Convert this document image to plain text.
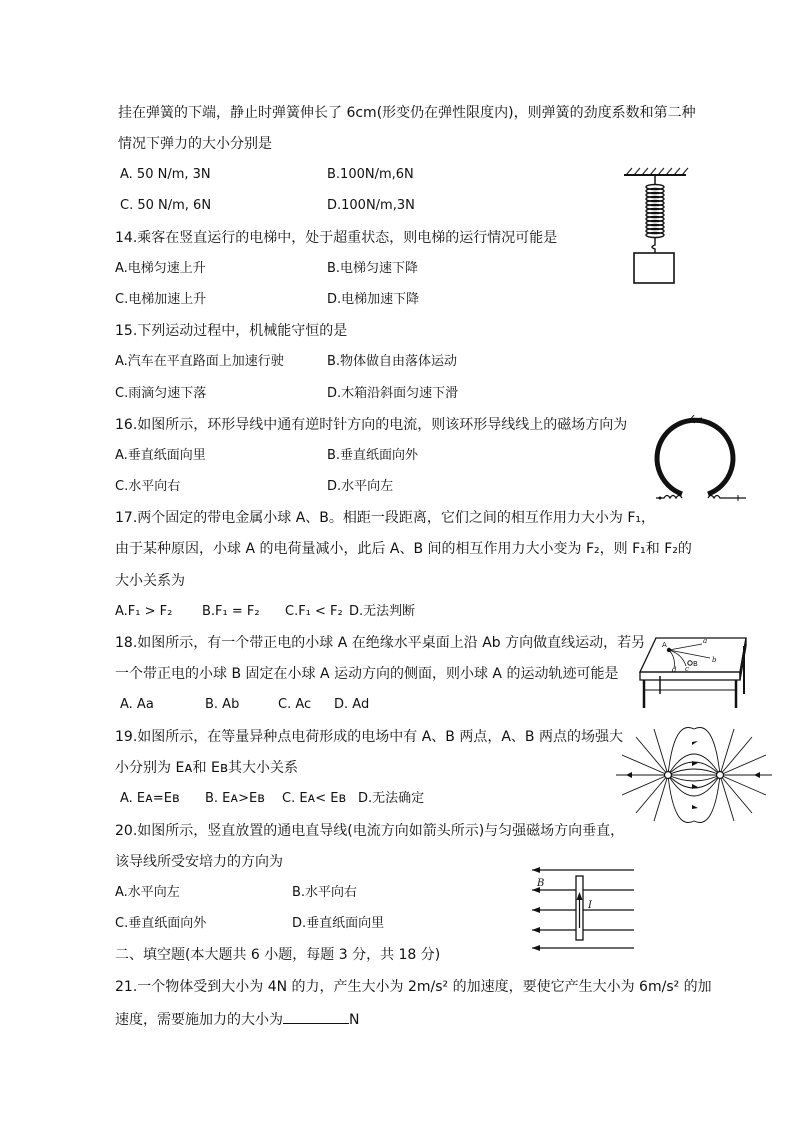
挂在弹簧的下端，静止时弹簧伸长了 6cm(形变仍在弹性限度内)，则弹簧的劲度系数和第二种
情况下弹力的大小分别是
A. 50 N/m, 3N	B.100N/m,6N
C. 50 N/m, 6N	D.100N/m,3N
14.乘客在竖直运行的电梯中，处于超重状态，则电梯的运行情况可能是
A.电梯匀速上升	B.电梯匀速下降
C.电梯加速上升	D.电梯加速下降
15.下列运动过程中，机械能守恒的是
A.汽车在平直路面上加速行驶	B.物体做自由落体运动
C.雨滴匀速下落	D.木箱沿斜面匀速下滑
16.如图所示，环形导线中通有逆时针方向的电流，则该环形导线线上的磁场方向为
A.垂直纸面向里	B.垂直纸面向外
C.水平向右	D.水平向左
17.两个固定的带电金属小球 A、B。相距一段距离，它们之间的相互作用力大小为 F₁，
由于某种原因，小球 A 的电荷量减小，此后 A、B 间的相互作用力大小变为 F₂，则 F₁和 F₂的
大小关系为
A.F₁ > F₂ B.F₁ = F₂ C.F₁ < F₂ D.无法判断
18.如图所示，有一个带正电的小球 A 在绝缘水平桌面上沿 Ab 方向做直线运动，若另
一个带正电的小球 B 固定在小球 A 运动方向的侧面，则小球 A 的运动轨迹可能是
A. Aa	B. Ab	C. Ac D. Ad
A	a
b
c
d
B
19.如图所示，在等量异种点电荷形成的电场中有 A、B 两点，A、B 两点的场强大
小分别为 Eᴀ和 Eʙ其大小关系
A. Eᴀ=Eʙ B. Eᴀ>Eʙ C. Eᴀ< Eʙ D.无法确定
20.如图所示，竖直放置的通电直导线(电流方向如箭头所示)与匀强磁场方向垂直，
该导线所受安培力的方向为
A.水平向左	B.水平向右
C.垂直纸面向外	D.垂直纸面向里
B
I
二、填空题(本大题共 6 小题，每题 3 分，共 18 分)
21.一个物体受到大小为 4N 的力，产生大小为 2m/s² 的加速度，要使它产生大小为 6m/s² 的加
速度，需要施加力的大小为	N
